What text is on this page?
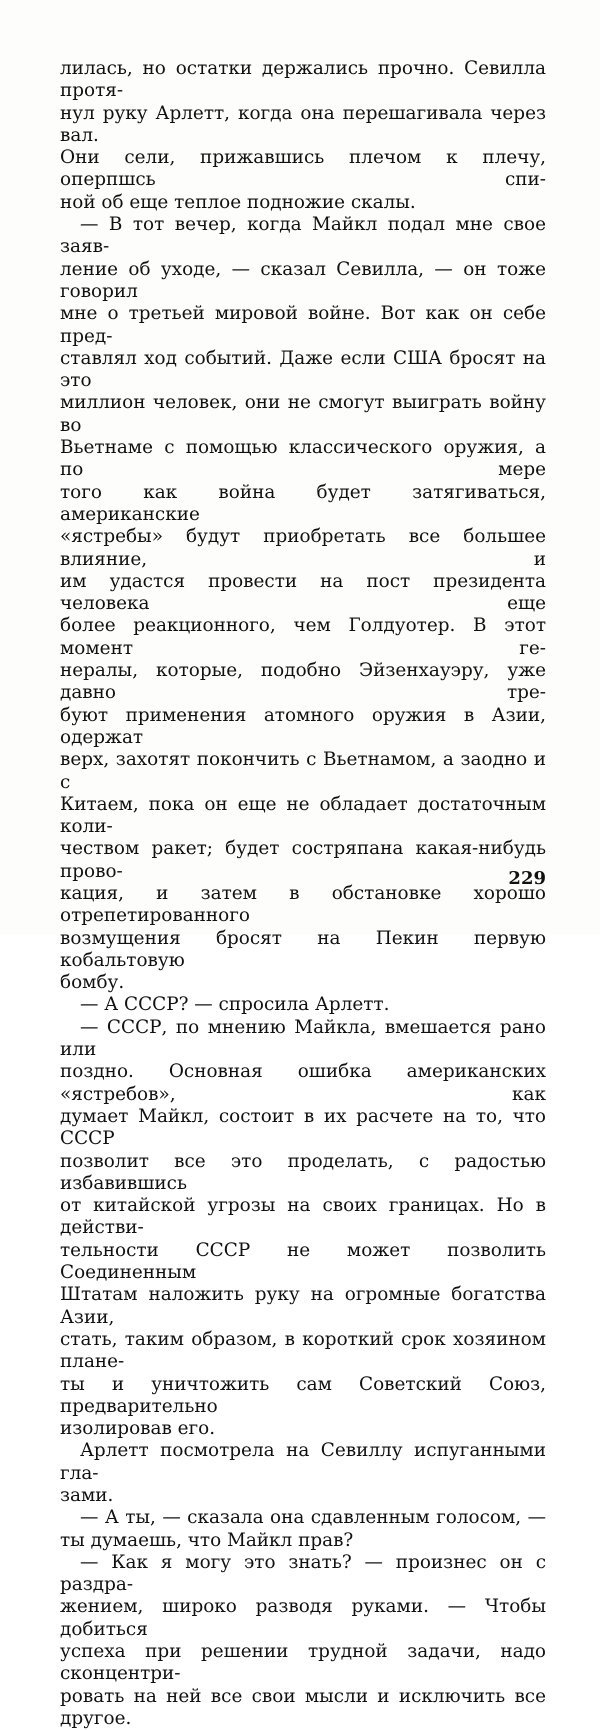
лилась, но остатки держались прочно. Севилла протя-

нул руку Арлетт, когда она перешагивала через вал.

Они сели, прижавшись плечом к плечу, оперпшсь спи-

ной об еще теплое подножие скалы.

— В тот вечер, когда Майкл подал мне свое заяв-

ление об уходе, — сказал Севилла, — он тоже говорил

мне о третьей мировой войне. Вот как он себе пред-

ставлял ход событий. Даже если США бросят на это

миллион человек, они не смогут выиграть войну во

Вьетнаме с помощью классического оружия, а по мере

того как война будет затягиваться, американские

«ястребы» будут приобретать все большее влияние, и

им удастся провести на пост президента человека еще

более реакционного, чем Голдуотер. В этот момент ге-

нералы, которые, подобно Эйзенхауэру, уже давно тре-

буют применения атомного оружия в Азии, одержат

верх, захотят покончить с Вьетнамом, а заодно и с

Китаем, пока он еще не обладает достаточным коли-

чеством ракет; будет состряпана какая-нибудь прово-

кация, и затем в обстановке хорошо отрепетированного

возмущения бросят на Пекин первую кобальтовую

бомбу.

— А СССР? — спросила Арлетт.

— СССР, по мнению Майкла, вмешается рано или

поздно. Основная ошибка американских «ястребов», как

думает Майкл, состоит в их расчете на то, что СССР

позволит все это проделать, с радостью избавившись

от китайской угрозы на своих границах. Но в действи-

тельности СССР не может позволить Соединенным

Штатам наложить руку на огромные богатства Азии,

стать, таким образом, в короткий срок хозяином плане-

ты и уничтожить сам Советский Союз, предварительно

изолировав его.

Арлетт посмотрела на Севиллу испуганными гла-

зами.

— А ты, — сказала она сдавленным голосом, —

ты думаешь, что Майкл прав?

— Как я могу это знать? — произнес он с раздра-

жением, широко разводя руками. — Чтобы добиться

успеха при решении трудной задачи, надо сконцентри-

ровать на ней все свои мысли и исключить все другое.

229
